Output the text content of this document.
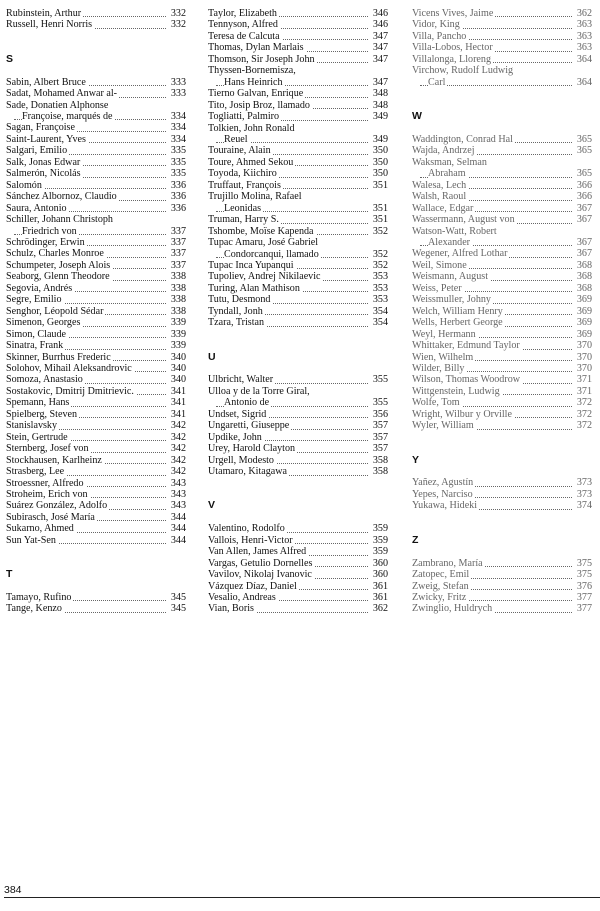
Rubinstein, Arthur	332
Russell, Henri Norris	332
S
Sabin, Albert Bruce	333
Sadat, Mohamed Anwar al-	333
Sade, Donatien Alphonse
Françoise, marqués de	334
Sagan, Françoise	334
Saint-Laurent, Yves	334
Salgari, Emilio	335
Salk, Jonas Edwar	335
Salmerón, Nicolás	335
Salomón	336
Sánchez Albornoz, Claudio	336
Saura, Antonio	336
Schiller, Johann Christoph
Friedrich von	337
Schrödinger, Erwin	337
Schulz, Charles Monroe	337
Schumpeter, Joseph Alois	337
Seaborg, Glenn Theodore	338
Segovia, Andrés	338
Segre, Emilio	338
Senghor, Léopold Sédar	338
Simenon, Georges	339
Simon, Claude	339
Sinatra, Frank	339
Skinner, Burrhus Frederic	340
Solohov, Mihail Aleksandrovic	340
Somoza, Anastasio	340
Sostakovic, Dmitrij Dmitrievic.	341
Spemann, Hans	341
Spielberg, Steven	341
Stanislavsky	342
Stein, Gertrude	342
Sternberg, Josef von	342
Stockhausen, Karlheinz	342
Strasberg, Lee	342
Stroessner, Alfredo	343
Stroheim, Erich von	343
Suárez González, Adolfo	343
Subirasch, José María	344
Sukarno, Ahmed	344
Sun Yat-Sen	344
T
Tamayo, Rufino	345
Tange, Kenzo	345
Taylor, Elizabeth	346
Tennyson, Alfred	346
Teresa de Calcuta	347
Thomas, Dylan Marlais	347
Thomson, Sir Joseph John	347
Thyssen-Bornemisza,
Hans Heinrich	347
Tierno Galvan, Enrique	348
Tito, Josip Broz, llamado	348
Togliatti, Palmiro	349
Tolkien, John Ronald
Reuel	349
Touraine, Alain	350
Toure, Ahmed Sekou	350
Toyoda, Kiichiro	350
Truffaut, François	351
Trujillo Molina, Rafael
Leonidas	351
Truman, Harry S.	351
Tshombe, Moïse Kapenda	352
Tupac Amaru, José Gabriel
Condorcanqui, llamado	352
Tupac Inca Yupanqui	352
Tupoliev, Andrej Nikilaevic	353
Turing, Alan Mathison	353
Tutu, Desmond	353
Tyndall, Jonh	354
Tzara, Tristan	354
U
Ulbricht, Walter	355
Ulloa y de la Torre Giral,
Antonio de	355
Undset, Sigrid	356
Ungaretti, Giuseppe	357
Updike, John	357
Urey, Harold Clayton	357
Urgell, Modesto	358
Utamaro, Kitagawa	358
V
Valentino, Rodolfo	359
Vallois, Henri-Victor	359
Van Allen, James Alfred	359
Vargas, Getulio Dornelles	360
Vavilov, Nikolaj Ivanovic	360
Vázquez Díaz, Daniel	361
Vesalio, Andreas	361
Vian, Boris	362
Vicens Vives, Jaime	362
Vidor, King	363
Villa, Pancho	363
Villa-Lobos, Hector	363
Villalonga, Lloreng	364
Virchow, Rudolf Ludwig
Carl	364
W
Waddington, Conrad Hal	365
Wajda, Andrzej	365
Waksman, Selman
Abraham	365
Walesa, Lech	366
Walsh, Raoul	366
Wallace, Edgar	367
Wassermann, August von	367
Watson-Watt, Robert
Alexander	367
Wegener, Alfred Lothar	367
Weil, Simone	368
Weismann, August	368
Weiss, Peter	368
Weissmuller, Johny	369
Welch, William Henry	369
Wells, Herbert George	369
Weyl, Hermann	369
Whittaker, Edmund Taylor	370
Wien, Wilhelm	370
Wilder, Billy	370
Wilson, Thomas Woodrow	371
Wittgenstein, Ludwig	371
Wolfe, Tom	372
Wright, Wilbur y Orville	372
Wyler, William	372
Y
Yañez, Agustín	373
Yepes, Narciso	373
Yukawa, Hideki	374
Z
Zambrano, María	375
Zatopec, Emil	375
Zweig, Stefan	376
Zwicky, Fritz	377
Zwinglio, Huldrych	377
384
